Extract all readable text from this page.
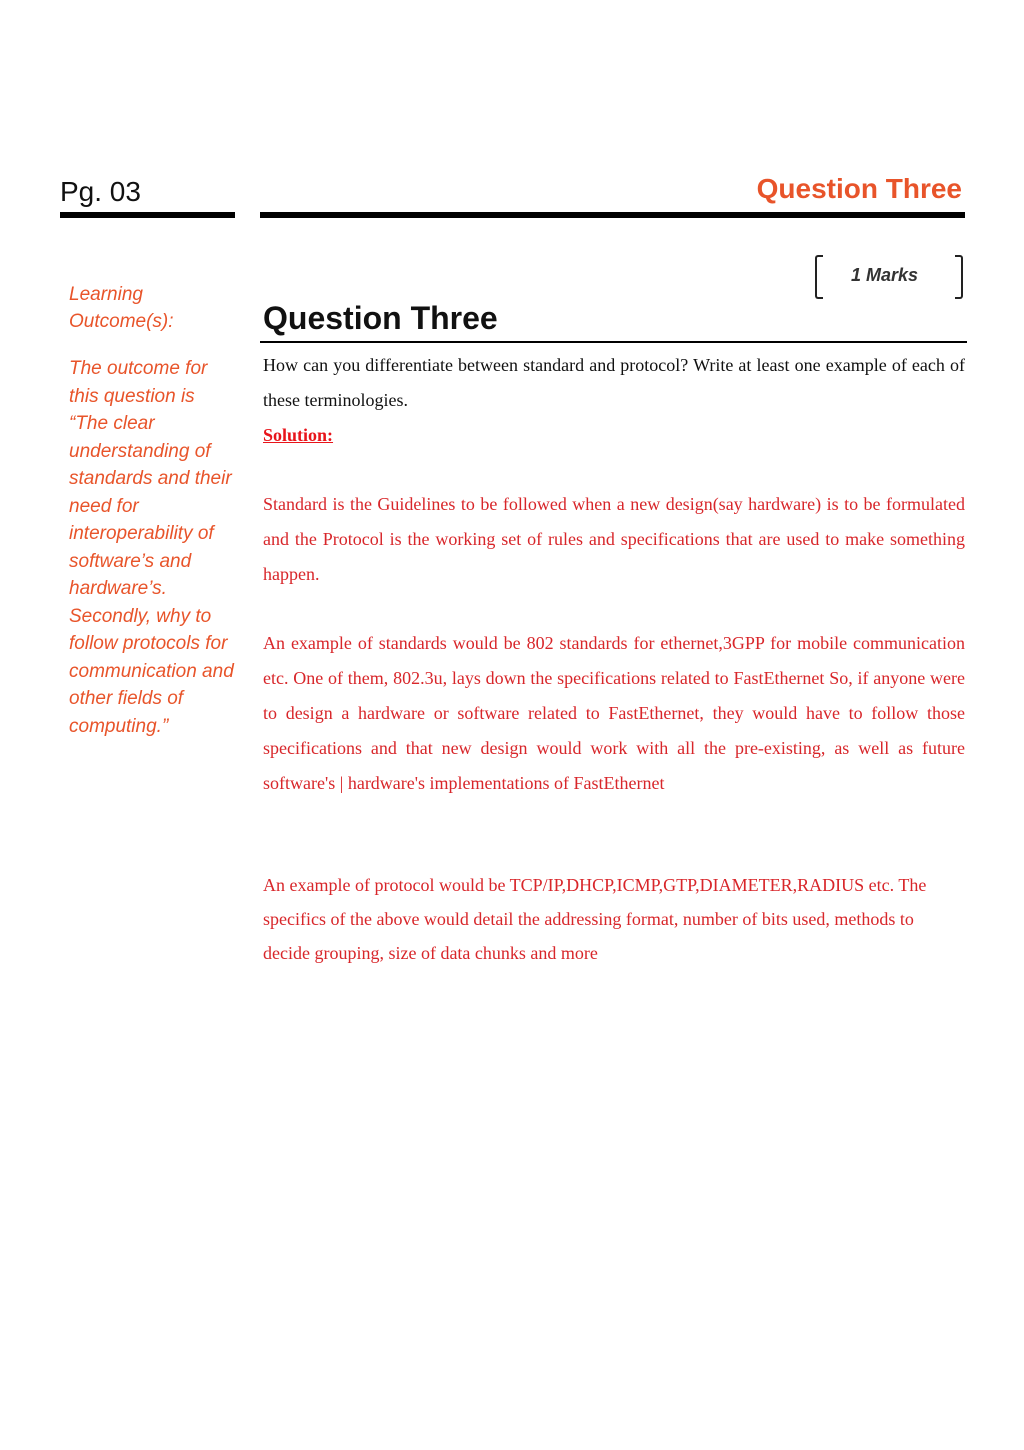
Pg. 03	Question Three
Learning Outcome(s):
The outcome for this question is “The clear understanding of standards and their need for interoperability of software’s and hardware’s. Secondly, why to follow protocols for communication and other fields of computing.”
1 Marks
Question Three
How can you differentiate between standard and protocol? Write at least one example of each of these terminologies.
Solution:
Standard is the Guidelines to be followed when a new design(say hardware) is to be formulated and the Protocol is the working set of rules and specifications that are used to make something happen.
An example of standards would be 802 standards for ethernet,3GPP for mobile communication etc. One of them, 802.3u, lays down the specifications related to FastEthernet So, if anyone were to design a hardware or software related to FastEthernet, they would have to follow those specifications and that new design would work with all the pre-existing, as well as future software's | hardware's implementations of FastEthernet
An example of protocol would be TCP/IP,DHCP,ICMP,GTP,DIAMETER,RADIUS etc. The specifics of the above would detail the addressing format, number of bits used, methods to decide grouping, size of data chunks and more
